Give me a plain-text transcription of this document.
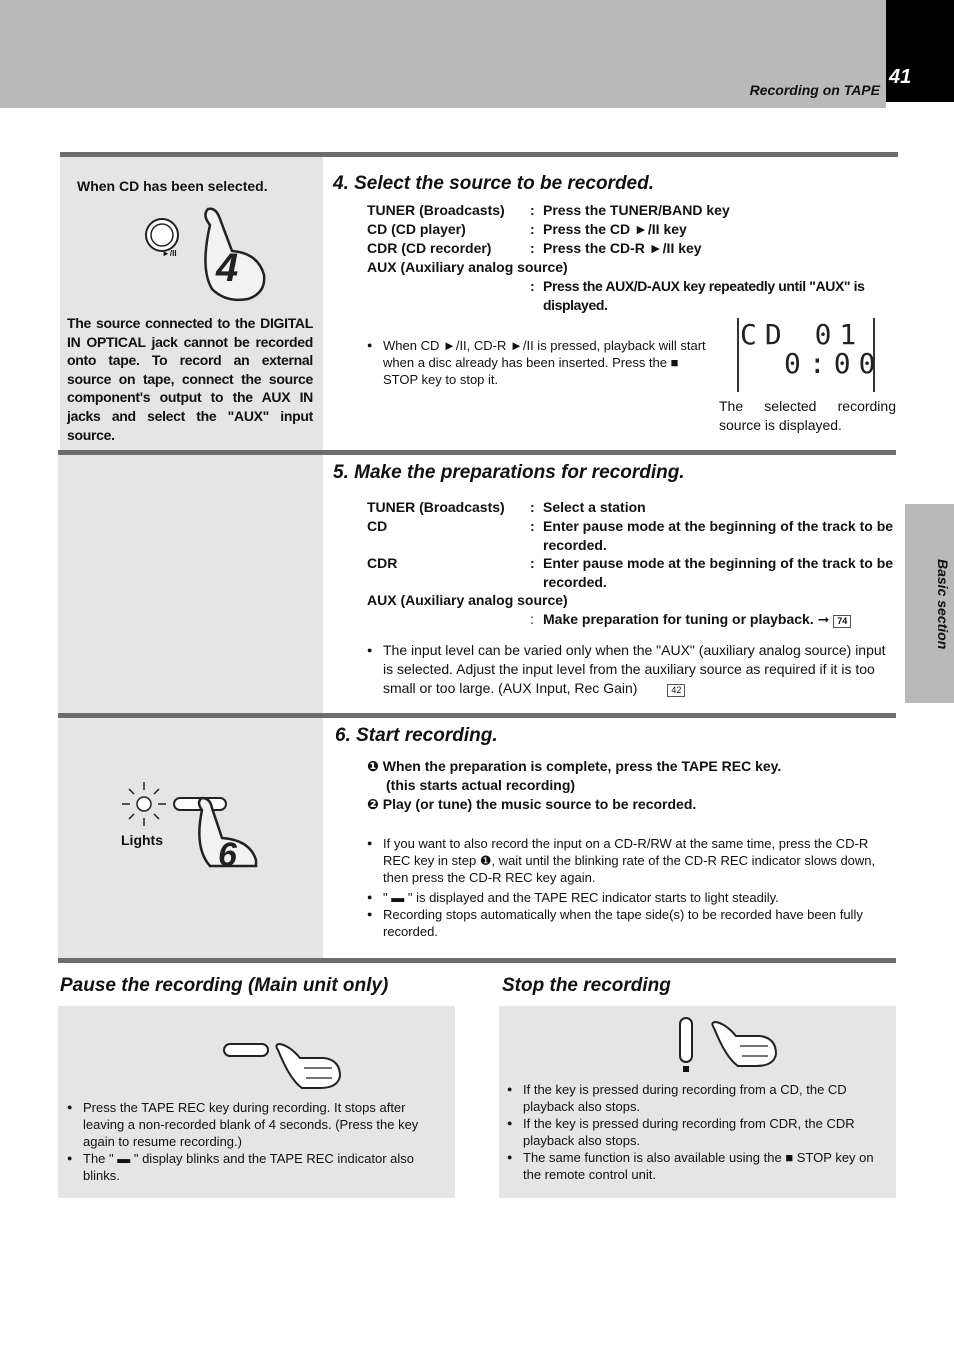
41
Recording on TAPE
Basic section
When CD has been selected.
►/II 4
The source connected to the DIGITAL IN OPTICAL jack cannot be recorded onto tape. To record an external source on tape, connect the source component's output to the AUX IN jacks and select the "AUX" input source.
4. Select the source to be recorded.
TUNER (Broadcasts) : Press the TUNER/BAND key
CD (CD player)	: Press the CD ►/II key
CDR (CD recorder)	: Press the CD-R ►/II key
AUX (Auxiliary analog source)
: Press the AUX/D-AUX key repeatedly until "AUX" is displayed.
● When CD ►/II, CD-R ►/II is pressed, playback will start when a disc already has been inserted. Press the ■ STOP key to stop it.
CD 01
0:00
The selected recording source is displayed.
5. Make the preparations for recording.
TUNER (Broadcasts) : Select a station
CD	: Enter pause mode at the beginning of the track to be recorded.
CDR	: Enter pause mode at the beginning of the track to be recorded.
AUX (Auxiliary analog source)
: Make preparation for tuning or playback. ➞ 74
● The input level can be varied only when the "AUX" (auxiliary analog source) input is selected. Adjust the input level from the auxiliary source as required if it is too small or too large. (AUX Input, Rec Gain)	42
6
Lights
6. Start recording.
❶ When the preparation is complete, press the TAPE REC key.
(this starts actual recording)
❷ Play (or tune) the music source to be recorded.
● If you want to also record the input on a CD-R/RW at the same time, press the CD-R REC key in step ❶, wait until the blinking rate of the CD-R REC indicator slows down, then press the CD-R REC key again.
● " ▬ " is displayed and the TAPE REC indicator starts to light steadily.
● Recording stops automatically when the tape side(s) to be recorded have been fully recorded.
Pause the recording (Main unit only)
● Press the TAPE REC key during recording. It stops after leaving a non-recorded blank of 4 seconds. (Press the key again to resume recording.)
● The " ▬ " display blinks and the TAPE REC indicator also blinks.
Stop the recording
● If the key is pressed during recording from a CD, the CD playback also stops.
● If the key is pressed during recording from CDR, the CDR playback also stops.
● The same function is also available using the ■ STOP key on the remote control unit.
